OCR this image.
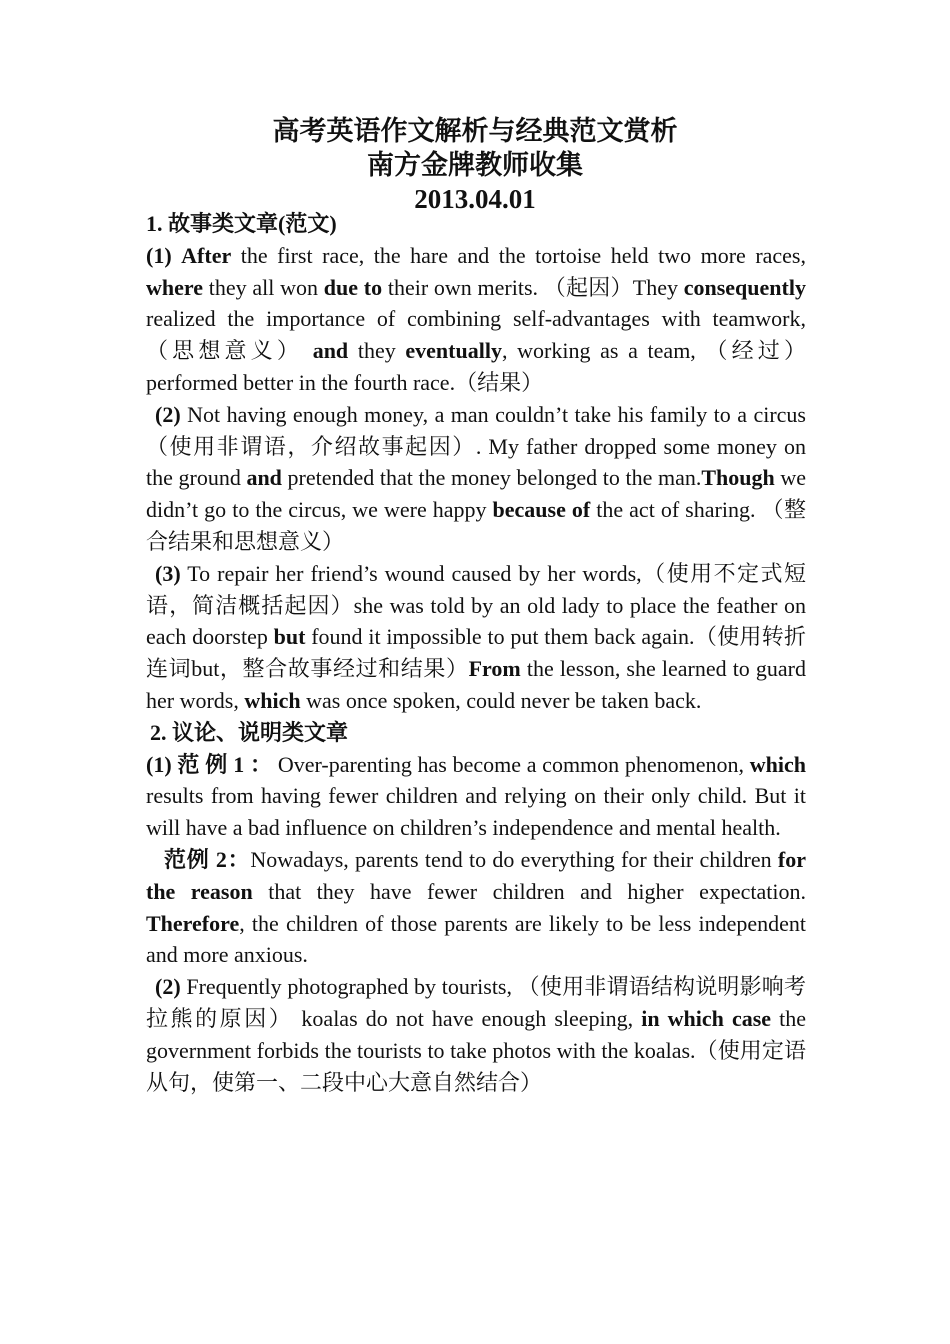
高考英语作文解析与经典范文赏析
南方金牌教师收集
2013.04.01
1. 故事类文章(范文)

(1) After the first race, the hare and the tortoise held two more races, where they all won due to their own merits. （起因）They consequently realized the importance of combining self-advantages with teamwork, （思想意义） and they eventually, working as a team, （经过） performed better in the fourth race.（结果）

(2) Not having enough money, a man couldn’t take his family to a circus（使用非谓语，介绍故事起因）. My father dropped some money on the ground and pretended that the money belonged to the man.Though we didn’t go to the circus, we were happy because of the act of sharing. （整合结果和思想意义）

(3) To repair her friend’s wound caused by her words,（使用不定式短语，简洁概括起因）she was told by an old lady to place the feather on each doorstep but found it impossible to put them back again.（使用转折连词but，整合故事经过和结果）From the lesson, she learned to guard her words, which was once spoken, could never be taken back.

2. 议论、说明类文章

(1) 范 例 1 ： Over-parenting has become a common phenomenon, which results from having fewer children and relying on their only child. But it will have a bad influence on children’s independence and mental health.

范例 2：Nowadays, parents tend to do everything for their children for the reason that they have fewer children and higher expectation. Therefore, the children of those parents are likely to be less independent and more anxious.

(2) Frequently photographed by tourists, （使用非谓语结构说明影响考拉熊的原因） koalas do not have enough sleeping, in which case the government forbids the tourists to take photos with the koalas.（使用定语从句，使第一、二段中心大意自然结合）
